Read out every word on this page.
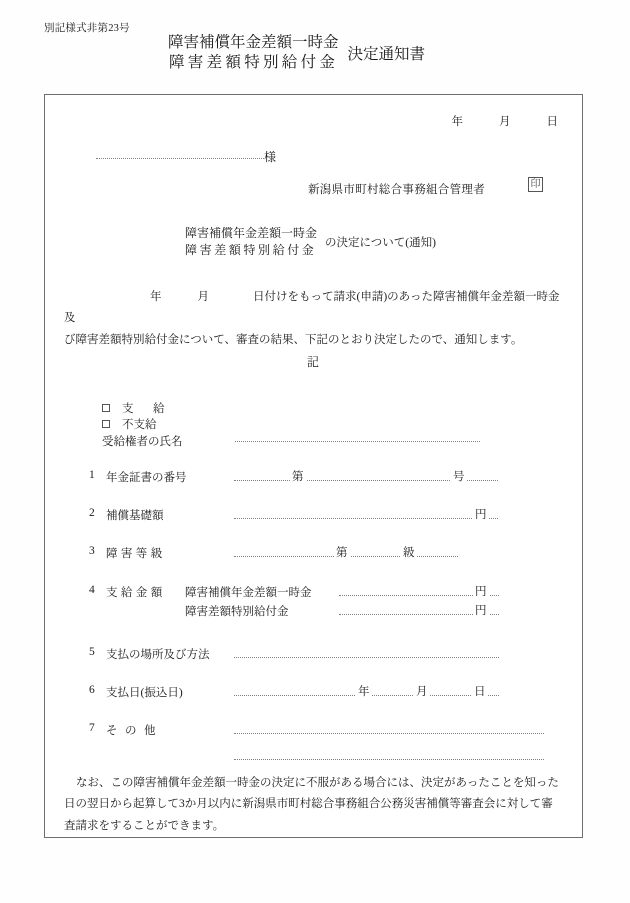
別記様式非第23号
障害補償年金差額一時金
障害差額特別給付金 決定通知書
年	月	日
様
新潟県市町村総合事務組合管理者	印
障害補償年金差額一時金
障害差額特別給付金 の決定について(通知)
年	月	日付けをもって請求(申請)のあった障害補償年金差額一時金及
び障害差額特別給付金について、審査の結果、下記のとおり決定したので、通知します。
記
支　給
不支給
受給権者の氏名
1 年金証書の番号	第	号
2 補償基礎額	円
3 障害等級	第	級
4 支給金額 障害補償年金差額一時金	円
障害差額特別給付金	円
5 支払の場所及び方法
6 支払日(振込日)	年	月	日
7 その他
なお、この障害補償年金差額一時金の決定に不服がある場合には、決定があったことを知った
日の翌日から起算して3か月以内に新潟県市町村総合事務組合公務災害補償等審査会に対して審
査請求をすることができます。
